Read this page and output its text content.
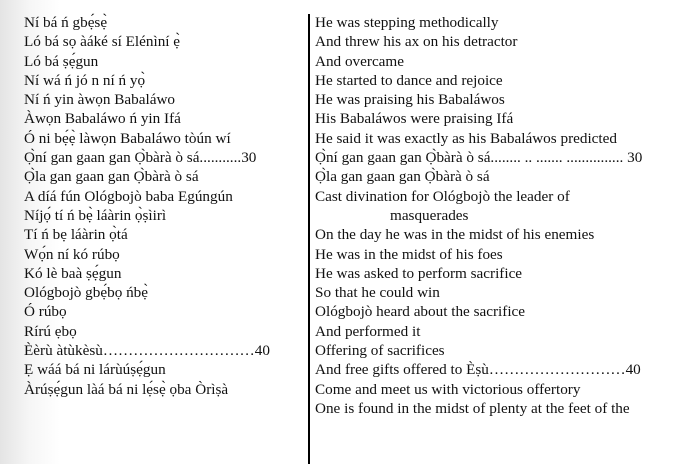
Ní bá ń gbẹ́sẹ̀
Ló bá sọ àáké sí Elénìní ẹ̀
Ló bá ṣẹ́gun
Ní wá ń jó n ní ń yọ̀
Ní ń yin àwọn Babaláwo
Àwọn Babaláwo ń yin Ifá
Ó ni bẹ́ẹ̀ làwọn Babaláwo tòún wí
Ọ̀ní gan gaan gan Ọ̀bàrà ò sá...........30
Ọ̀la gan gaan gan Ọ̀bàrà ò sá
A díá fún Ológbojò baba Egúngún
Níjọ́ tí ń bẹ̀ láàrin ọ̀ṣìirì
Tí ń bẹ láàrin ọ̀tá
Wọ́n ní kó rúbọ
Kó lè baà ṣẹ́gun
Ológbojò gbẹ́bọ ńbẹ̀
Ó rúbọ
Rírú ẹbọ
Èèrù àtùkèsù…………………………40
Ẹ wáá bá ni lárùúṣẹ́gun
Àrúṣẹ́gun làá bá ni lẹ́sẹ̀ ọba Òrìṣà
He was stepping methodically
And threw his ax on his detractor
And overcame
He started to dance and rejoice
He was praising his Babaláwos
His Babaláwos were praising Ifá
He said it was exactly as his Babaláwos predicted
Ọ̀ní gan gaan gan Ọ̀bàrà ò sá........ .. ....... ............... 30
Ọ̀la gan gaan gan Ọ̀bàrà ò sá
Cast divination for Ológbojò the leader of
masquerades
On the day he was in the midst of his enemies
He was in the midst of his foes
He was asked to perform sacrifice
So that he could win
Ológbojò heard about the sacrifice
And performed it
Offering of sacrifices
And free gifts offered to Èṣù………………………40
Come and meet us with victorious offertory
One is found in the midst of plenty at the feet of the
